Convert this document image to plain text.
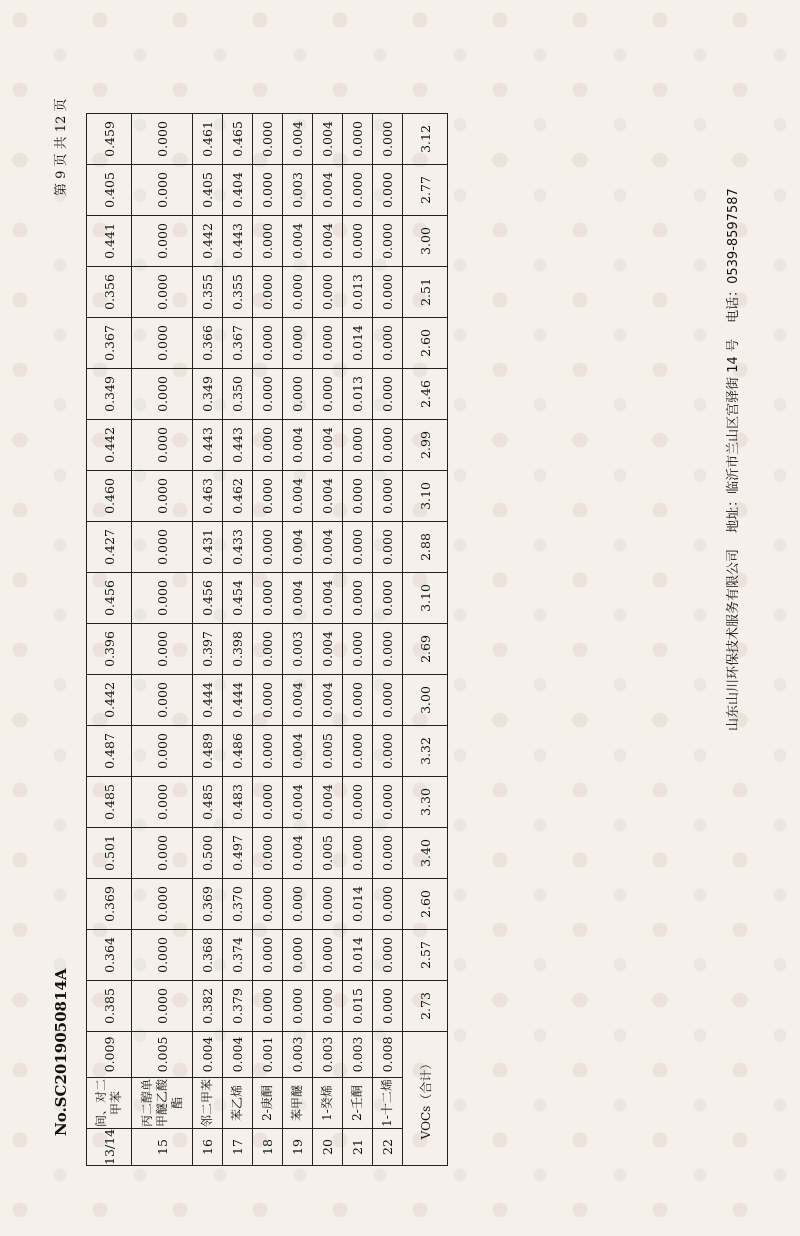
No.SC2019050814A
第 9 页 共 12 页
13/14	间、对二甲苯	0.009	0.385	0.364	0.369	0.501	0.485	0.487	0.442	0.396	0.456	0.427	0.460	0.442	0.349	0.367	0.356	0.441	0.405	0.459
15	丙二醇单甲醚乙酸酯	0.005	0.000	0.000	0.000	0.000	0.000	0.000	0.000	0.000	0.000	0.000	0.000	0.000	0.000	0.000	0.000	0.000	0.000	0.000
16	邻二甲苯	0.004	0.382	0.368	0.369	0.500	0.485	0.489	0.444	0.397	0.456	0.431	0.463	0.443	0.349	0.366	0.355	0.442	0.405	0.461
17	苯乙烯	0.004	0.379	0.374	0.370	0.497	0.483	0.486	0.444	0.398	0.454	0.433	0.462	0.443	0.350	0.367	0.355	0.443	0.404	0.465
18	2-庚酮	0.001	0.000	0.000	0.000	0.000	0.000	0.000	0.000	0.000	0.000	0.000	0.000	0.000	0.000	0.000	0.000	0.000	0.000	0.000
19	苯甲醚	0.003	0.000	0.000	0.000	0.004	0.004	0.004	0.004	0.003	0.004	0.004	0.004	0.004	0.000	0.000	0.000	0.004	0.003	0.004
20	1-癸烯	0.003	0.000	0.000	0.000	0.005	0.004	0.005	0.004	0.004	0.004	0.004	0.004	0.004	0.000	0.000	0.000	0.004	0.004	0.004
21	2-壬酮	0.003	0.015	0.014	0.014	0.000	0.000	0.000	0.000	0.000	0.000	0.000	0.000	0.000	0.013	0.014	0.013	0.000	0.000	0.000
22	1-十二烯	0.008	0.000	0.000	0.000	0.000	0.000	0.000	0.000	0.000	0.000	0.000	0.000	0.000	0.000	0.000	0.000	0.000	0.000	0.000
VOCs（合计）			2.73	2.57	2.60	3.40	3.30	3.32	3.00	2.69	3.10	2.88	3.10	2.99	2.46	2.60	2.51	3.00	2.77	3.12
山东山川环保技术服务有限公司 地址：临沂市兰山区宫驿街 14 号 电话：0539-8597587
